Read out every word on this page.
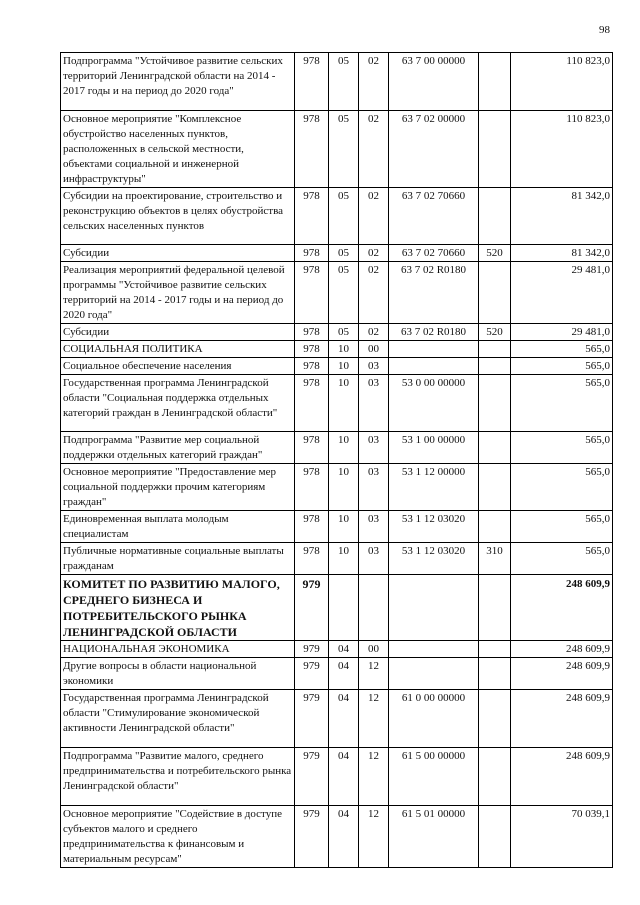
98
Подпрограмма "Устойчивое развитие сельских территорий Ленинградской области на 2014 - 2017 годы и на период до 2020 года"	978	05	02	63 7 00 00000		110 823,0
Основное мероприятие "Комплексное обустройство населенных пунктов, расположенных в сельской местности, объектами социальной и инженерной инфраструктуры"	978	05	02	63 7 02 00000		110 823,0
Субсидии на проектирование, строительство и реконструкцию объектов в целях обустройства сельских населенных пунктов	978	05	02	63 7 02 70660		81 342,0
Субсидии	978	05	02	63 7 02 70660	520	81 342,0
Реализация мероприятий федеральной целевой программы "Устойчивое развитие сельских территорий на 2014 - 2017 годы и на период до 2020 года"	978	05	02	63 7 02 R0180		29 481,0
Субсидии	978	05	02	63 7 02 R0180	520	29 481,0
СОЦИАЛЬНАЯ ПОЛИТИКА	978	10	00			565,0
Социальное обеспечение населения	978	10	03			565,0
Государственная программа Ленинградской области "Социальная поддержка отдельных категорий граждан в Ленинградской области"	978	10	03	53 0 00 00000		565,0
Подпрограмма "Развитие мер социальной поддержки отдельных категорий граждан"	978	10	03	53 1 00 00000		565,0
Основное мероприятие "Предоставление мер социальной поддержки прочим категориям граждан"	978	10	03	53 1 12 00000		565,0
Единовременная выплата молодым специалистам	978	10	03	53 1 12 03020		565,0
Публичные нормативные социальные выплаты гражданам	978	10	03	53 1 12 03020	310	565,0
КОМИТЕТ ПО РАЗВИТИЮ МАЛОГО, СРЕДНЕГО БИЗНЕСА И ПОТРЕБИТЕЛЬСКОГО РЫНКА ЛЕНИНГРАДСКОЙ ОБЛАСТИ	979					248 609,9
НАЦИОНАЛЬНАЯ ЭКОНОМИКА	979	04	00			248 609,9
Другие вопросы в области национальной экономики	979	04	12			248 609,9
Государственная программа Ленинградской области "Стимулирование экономической активности Ленинградской области"	979	04	12	61 0 00 00000		248 609,9
Подпрограмма "Развитие малого, среднего предпринимательства и потребительского рынка Ленинградской области"	979	04	12	61 5 00 00000		248 609,9
Основное мероприятие "Содействие в доступе субъектов малого и среднего предпринимательства к финансовым и материальным ресурсам"	979	04	12	61 5 01 00000		70 039,1
